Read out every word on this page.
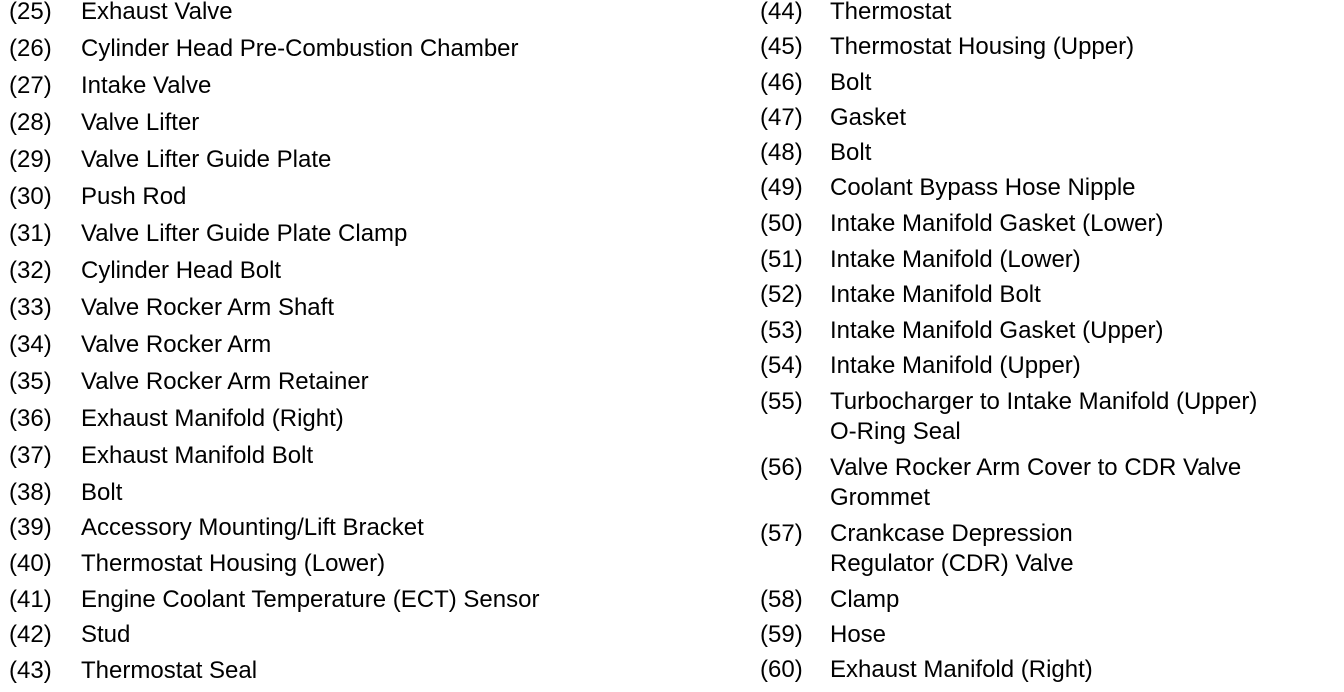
(25) Exhaust Valve
(26) Cylinder Head Pre-Combustion Chamber
(27) Intake Valve
(28) Valve Lifter
(29) Valve Lifter Guide Plate
(30) Push Rod
(31) Valve Lifter Guide Plate Clamp
(32) Cylinder Head Bolt
(33) Valve Rocker Arm Shaft
(34) Valve Rocker Arm
(35) Valve Rocker Arm Retainer
(36) Exhaust Manifold (Right)
(37) Exhaust Manifold Bolt
(38) Bolt
(39) Accessory Mounting/Lift Bracket
(40) Thermostat Housing (Lower)
(41) Engine Coolant Temperature (ECT) Sensor
(42) Stud
(43) Thermostat Seal
(44) Thermostat
(45) Thermostat Housing (Upper)
(46) Bolt
(47) Gasket
(48) Bolt
(49) Coolant Bypass Hose Nipple
(50) Intake Manifold Gasket (Lower)
(51) Intake Manifold (Lower)
(52) Intake Manifold Bolt
(53) Intake Manifold Gasket (Upper)
(54) Intake Manifold (Upper)
(55) Turbocharger to Intake Manifold (Upper)
O-Ring Seal
(56) Valve Rocker Arm Cover to CDR Valve
Grommet
(57) Crankcase Depression
Regulator (CDR) Valve
(58) Clamp
(59) Hose
(60) Exhaust Manifold (Right)
